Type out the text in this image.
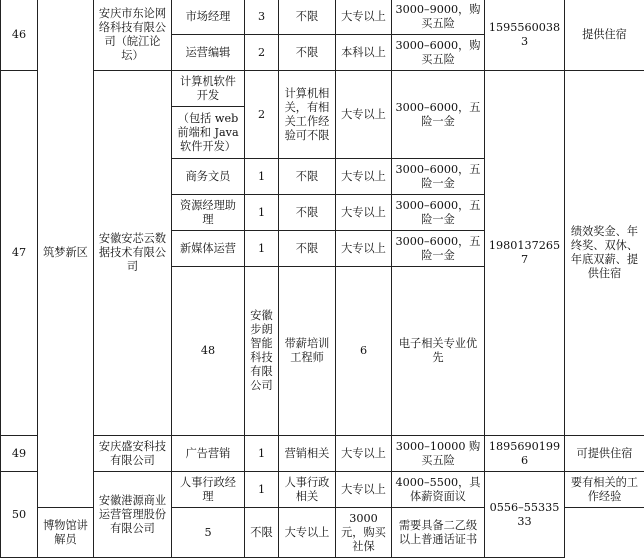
46	筑梦新区	安庆市东论网络科技有限公司（皖江论坛）	市场经理	3	不限	大专以上	3000–9000，购买五险	15955600383	提供住宿	
			运营编辑	2	不限	本科以上	3000–6000，购买五险			
47		安徽安芯云数据技术有限公司	计算机软件开发	2	计算机相关，有相关工作经验可不限	大专以上	3000–6000，五险一金	19801372657	绩效奖金、年终奖、双休、年底双薪、提供住宿	
			（包括 web 前端和 Java 软件开发）							
			商务文员	1	不限	大专以上	3000–6000，五险一金			
			资源经理助理	1	不限	大专以上	3000–6000，五险一金			
			新媒体运营	1	不限	大专以上	3000–6000，五险一金			
			48	安徽步朗智能科技有限公司	带薪培训工程师	6	电子相关专业优先				
49		安庆盛安科技有限公司	广告营销	1	营销相关	大专以上	3000–10000 购买五险	18956901996	可提供住宿	
50		安徽港源商业运营管理股份有限公司	人事行政经理	1	人事行政相关	大专以上	4000–5500，具体薪资面议	0556–5533533	要有相关的工作经验	
	博物馆讲解员		5	不限	大专以上	3000 元，购买社保	需要具备二乙级以上普通话证书			
